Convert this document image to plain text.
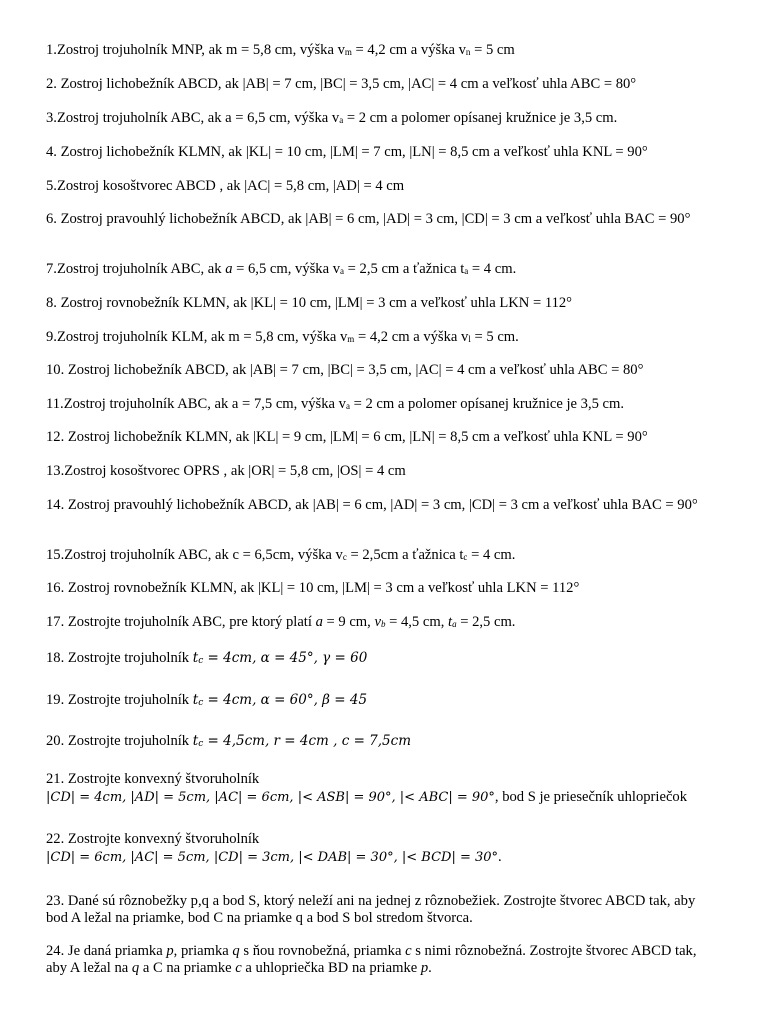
1.Zostroj trojuholník MNP, ak m = 5,8 cm, výška vm = 4,2 cm a výška vn = 5 cm
2. Zostroj lichobežník ABCD, ak |AB| = 7 cm, |BC| = 3,5 cm, |AC| = 4 cm a veľkosť uhla ABC = 80°
3.Zostroj trojuholník ABC, ak a = 6,5 cm, výška va = 2 cm a polomer opísanej kružnice je 3,5 cm.
4. Zostroj lichobežník KLMN, ak |KL| = 10 cm, |LM| = 7 cm, |LN| = 8,5 cm a veľkosť uhla KNL = 90°
5.Zostroj kosoštvorec ABCD , ak |AC| = 5,8 cm, |AD| = 4 cm
6. Zostroj pravouhlý lichobežník ABCD, ak |AB| = 6 cm, |AD| = 3 cm, |CD| = 3 cm a veľkosť uhla BAC = 90°
7.Zostroj trojuholník ABC, ak a = 6,5 cm, výška va = 2,5 cm a ťažnica ta = 4 cm.
8. Zostroj rovnobežník KLMN, ak |KL| = 10 cm, |LM| = 3 cm a veľkosť uhla LKN = 112°
9.Zostroj trojuholník KLM, ak m = 5,8 cm, výška vm = 4,2 cm a výška vl = 5 cm.
10. Zostroj lichobežník ABCD, ak |AB| = 7 cm, |BC| = 3,5 cm, |AC| = 4 cm a veľkosť uhla ABC = 80°
11.Zostroj trojuholník ABC, ak a = 7,5 cm, výška va = 2 cm a polomer opísanej kružnice je 3,5 cm.
12. Zostroj lichobežník KLMN, ak |KL| = 9 cm, |LM| = 6 cm, |LN| = 8,5 cm a veľkosť uhla KNL = 90°
13.Zostroj kosoštvorec OPRS , ak |OR| = 5,8 cm, |OS| = 4 cm
14. Zostroj pravouhlý lichobežník ABCD, ak |AB| = 6 cm, |AD| = 3 cm, |CD| = 3 cm a veľkosť uhla BAC = 90°
15.Zostroj trojuholník ABC, ak c = 6,5cm, výška vc = 2,5cm a ťažnica tc = 4 cm.
16. Zostroj rovnobežník KLMN, ak |KL| = 10 cm, |LM| = 3 cm a veľkosť uhla LKN = 112°
17. Zostrojte trojuholník ABC, pre ktorý platí a = 9 cm, vb = 4,5 cm, ta = 2,5 cm.
18. Zostrojte trojuholník tc = 4cm, α = 45°, γ = 60
19. Zostrojte trojuholník tc = 4cm, α = 60°, β = 45
20. Zostrojte trojuholník tc = 4,5cm, r = 4cm , c = 7,5cm
21. Zostrojte konvexný štvoruholník
|CD| = 4cm, |AD| = 5cm, |AC| = 6cm, |< ASB| = 90°, |< ABC| = 90°, bod S je priesečník uhlopriečok
22. Zostrojte konvexný štvoruholník
|CD| = 6cm, |AC| = 5cm, |CD| = 3cm, |< DAB| = 30°, |< BCD| = 30°.
23. Dané sú rôznobežky p,q a bod S, ktorý neleží ani na jednej z rôznobežiek. Zostrojte štvorec ABCD tak, aby bod A ležal na priamke, bod C na priamke q a bod S bol stredom štvorca.
24. Je daná priamka p, priamka q s ňou rovnobežná, priamka c s nimi rôznobežná. Zostrojte štvorec ABCD tak, aby A ležal na q a C na priamke c a uhlopriečka BD na priamke p.
